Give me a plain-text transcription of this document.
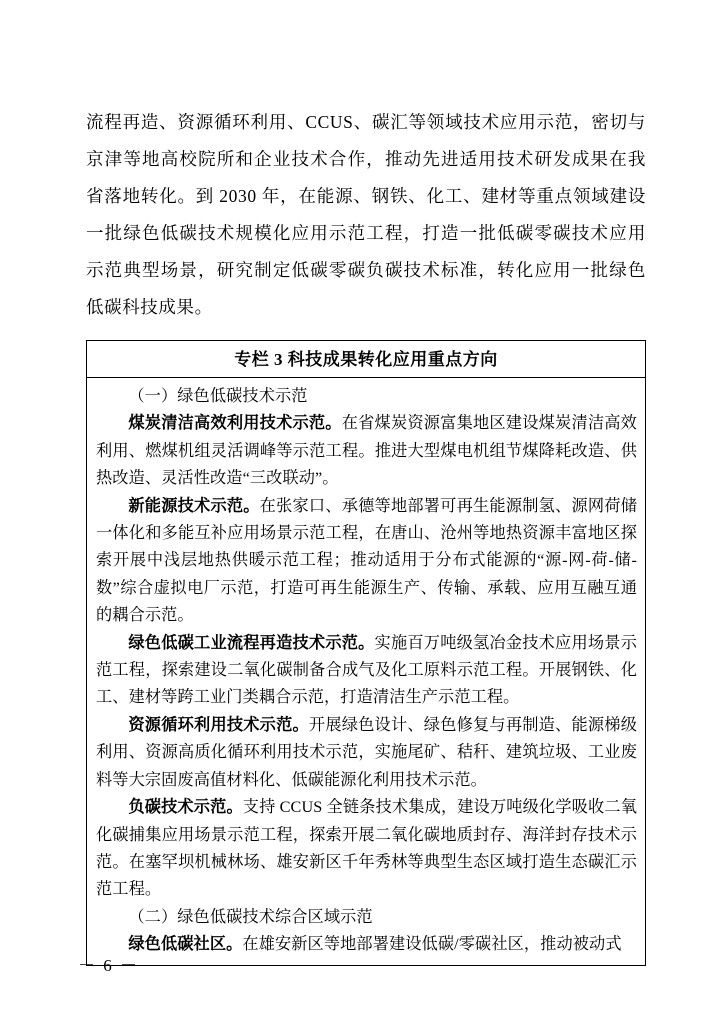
流程再造、资源循环利用、CCUS、碳汇等领域技术应用示范，密切与京津等地高校院所和企业技术合作，推动先进适用技术研发成果在我省落地转化。到 2030 年，在能源、钢铁、化工、建材等重点领域建设一批绿色低碳技术规模化应用示范工程，打造一批低碳零碳技术应用示范典型场景，研究制定低碳零碳负碳技术标准，转化应用一批绿色低碳科技成果。

专栏 3 科技成果转化应用重点方向

（一）绿色低碳技术示范

煤炭清洁高效利用技术示范。在省煤炭资源富集地区建设煤炭清洁高效利用、燃煤机组灵活调峰等示范工程。推进大型煤电机组节煤降耗改造、供热改造、灵活性改造“三改联动”。

新能源技术示范。在张家口、承德等地部署可再生能源制氢、源网荷储一体化和多能互补应用场景示范工程，在唐山、沧州等地热资源丰富地区探索开展中浅层地热供暖示范工程；推动适用于分布式能源的“源-网-荷-储-数”综合虚拟电厂示范，打造可再生能源生产、传输、承载、应用互融互通的耦合示范。

绿色低碳工业流程再造技术示范。实施百万吨级氢冶金技术应用场景示范工程，探索建设二氧化碳制备合成气及化工原料示范工程。开展钢铁、化工、建材等跨工业门类耦合示范，打造清洁生产示范工程。

资源循环利用技术示范。开展绿色设计、绿色修复与再制造、能源梯级利用、资源高质化循环利用技术示范，实施尾矿、秸秆、建筑垃圾、工业废料等大宗固废高值材料化、低碳能源化利用技术示范。

负碳技术示范。支持 CCUS 全链条技术集成，建设万吨级化学吸收二氧化碳捕集应用场景示范工程，探索开展二氧化碳地质封存、海洋封存技术示范。在塞罕坝机械林场、雄安新区千年秀林等典型生态区域打造生态碳汇示范工程。

（二）绿色低碳技术综合区域示范

绿色低碳社区。在雄安新区等地部署建设低碳/零碳社区，推动被动式

－ 6 －
